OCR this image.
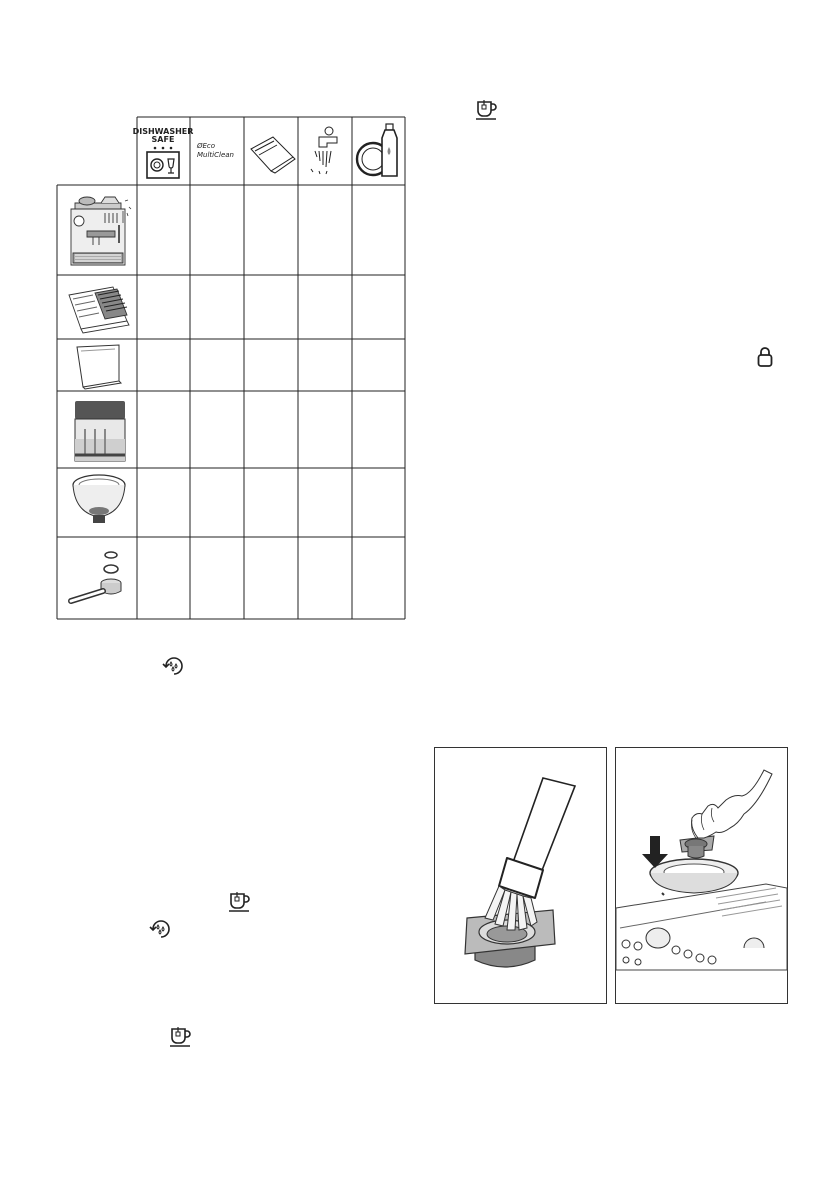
DISHWASHER
SAFE
ØEco
MultiClean
